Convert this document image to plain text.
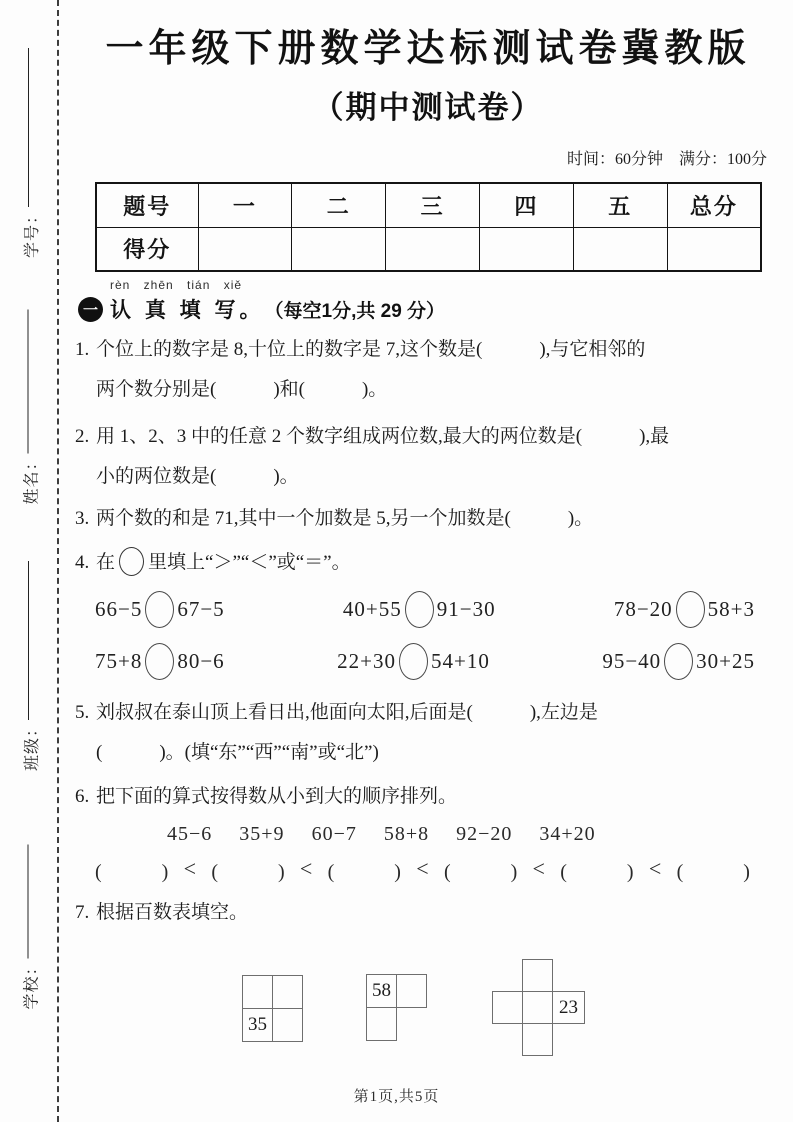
学号：
姓名：
班级：
学校：
一年级下册数学达标测试卷冀教版
（期中测试卷）
时间：60分钟　满分：100分
题号	一	二	三	四	五	总分
得分						
rèn zhēn tián xiě
一 认 真 填 写。 （每空1分,共 29 分）
1. 个位上的数字是 8,十位上的数字是 7,这个数是(　　　),与它相邻的
两个数分别是(　　　)和(　　　)。
2. 用 1、2、3 中的任意 2 个数字组成两位数,最大的两位数是(　　　),最
小的两位数是(　　　)。
3. 两个数的和是 71,其中一个加数是 5,另一个加数是(　　　)。
4. 在 里填上“＞”“＜”或“＝”。
66−5 67−5	40+55 91−30	78−20 58+3
75+8 80−6	22+30 54+10	95−40 30+25
5. 刘叔叔在泰山顶上看日出,他面向太阳,后面是(　　　),左边是
(　　　)。(填“东”“西”“南”或“北”)
6. 把下面的算式按得数从小到大的顺序排列。
45−6 35+9 60−7 58+8 92−20 34+20
(　　　) < (　　　) < (　　　) < (　　　) < (　　　) < (　　　)
7. 根据百数表填空。
35
58
23
第1页,共5页
